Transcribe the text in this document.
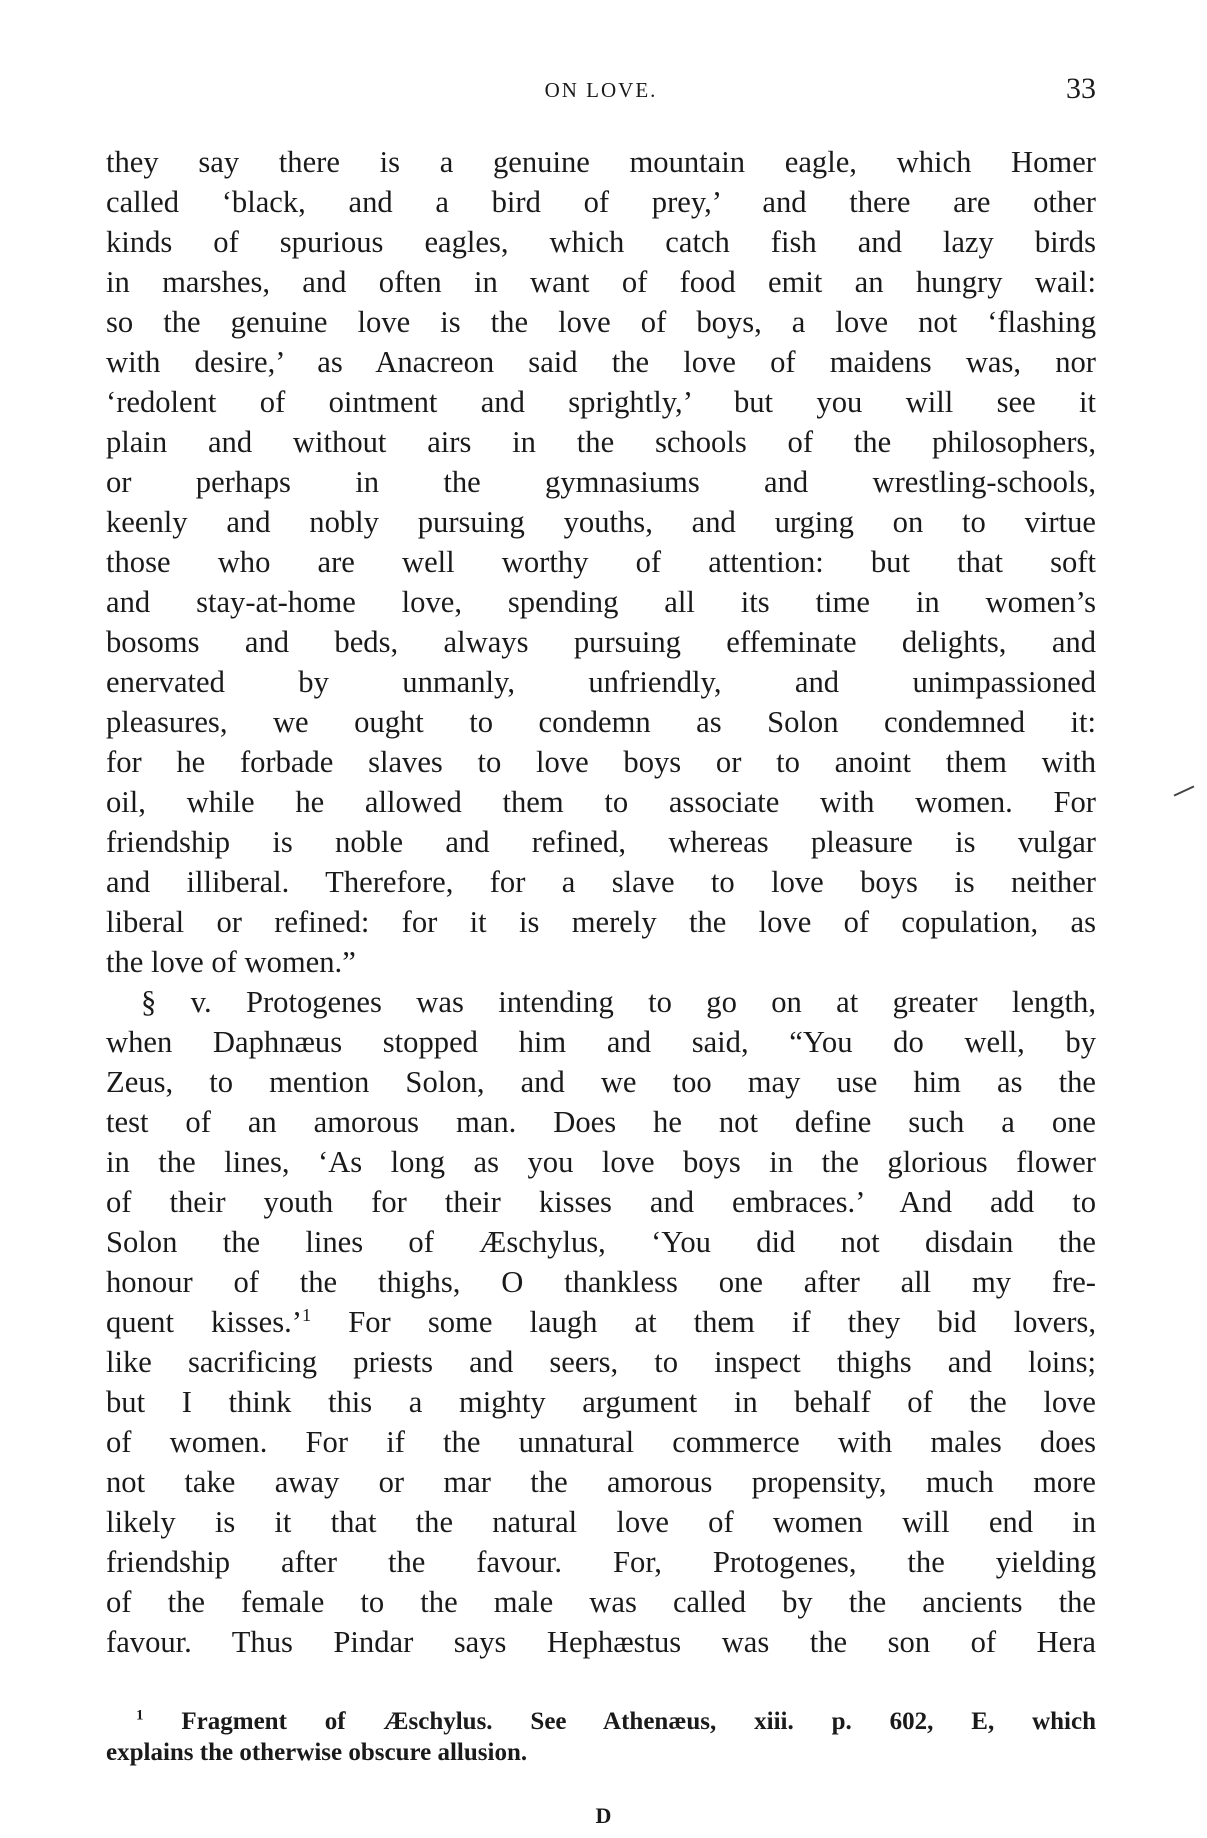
ON LOVE.	33
they say there is a genuine mountain eagle, which Homer
called ‘black, and a bird of prey,’ and there are other
kinds of spurious eagles, which catch fish and lazy birds
in marshes, and often in want of food emit an hungry wail:
so the genuine love is the love of boys, a love not ‘flashing
with desire,’ as Anacreon said the love of maidens was, nor
‘redolent of ointment and sprightly,’ but you will see it
plain and without airs in the schools of the philosophers,
or perhaps in the gymnasiums and wrestling-schools,
keenly and nobly pursuing youths, and urging on to virtue
those who are well worthy of attention: but that soft
and stay-at-home love, spending all its time in women’s
bosoms and beds, always pursuing effeminate delights, and
enervated by unmanly, unfriendly, and unimpassioned
pleasures, we ought to condemn as Solon condemned it:
for he forbade slaves to love boys or to anoint them with
oil, while he allowed them to associate with women. For
friendship is noble and refined, whereas pleasure is vulgar
and illiberal. Therefore, for a slave to love boys is neither
liberal or refined: for it is merely the love of copulation, as
the love of women.”
§ v. Protogenes was intending to go on at greater length,
when Daphnæus stopped him and said, “You do well, by
Zeus, to mention Solon, and we too may use him as the
test of an amorous man. Does he not define such a one
in the lines, ‘As long as you love boys in the glorious flower
of their youth for their kisses and embraces.’ And add to
Solon the lines of Æschylus, ‘You did not disdain the
honour of the thighs, O thankless one after all my fre-
quent kisses.’$^1$ For some laugh at them if they bid lovers,
like sacrificing priests and seers, to inspect thighs and loins;
but I think this a mighty argument in behalf of the love
of women. For if the unnatural commerce with males does
not take away or mar the amorous propensity, much more
likely is it that the natural love of women will end in
friendship after the favour. For, Protogenes, the yielding
of the female to the male was called by the ancients the
favour. Thus Pindar says Hephæstus was the son of Hera
$^1$ Fragment of Æschylus. See Athenæus, xiii. p. 602, E, which
explains the otherwise obscure allusion.
D
